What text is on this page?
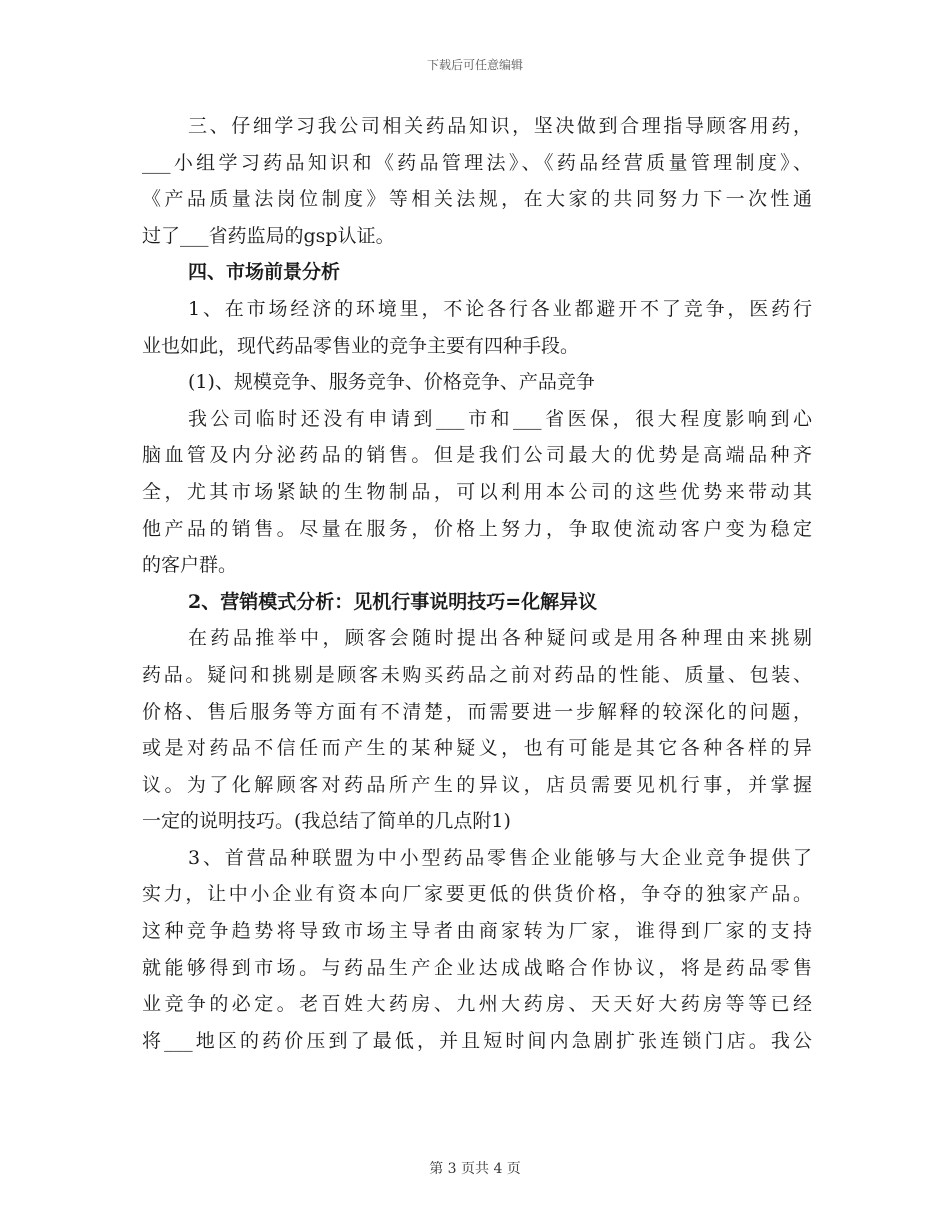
下载后可任意编辑
三、仔细学习我公司相关药品知识，坚决做到合理指导顾客用药，
___小组学习药品知识和《药品管理法》、《药品经营质量管理制度》、
《产品质量法岗位制度》等相关法规，在大家的共同努力下一次性通
过了___省药监局的gsp认证。
四、市场前景分析
1、在市场经济的环境里，不论各行各业都避开不了竞争，医药行
业也如此，现代药品零售业的竞争主要有四种手段。
(1)、规模竞争、服务竞争、价格竞争、产品竞争
我公司临时还没有申请到___市和___省医保，很大程度影响到心
脑血管及内分泌药品的销售。但是我们公司最大的优势是高端品种齐
全，尤其市场紧缺的生物制品，可以利用本公司的这些优势来带动其
他产品的销售。尽量在服务，价格上努力，争取使流动客户变为稳定
的客户群。
2、营销模式分析：见机行事说明技巧=化解异议
在药品推举中，顾客会随时提出各种疑问或是用各种理由来挑剔
药品。疑问和挑剔是顾客未购买药品之前对药品的性能、质量、包装、
价格、售后服务等方面有不清楚，而需要进一步解释的较深化的问题，
或是对药品不信任而产生的某种疑义，也有可能是其它各种各样的异
议。为了化解顾客对药品所产生的异议，店员需要见机行事，并掌握
一定的说明技巧。(我总结了简单的几点附1)
3、首营品种联盟为中小型药品零售企业能够与大企业竞争提供了
实力，让中小企业有资本向厂家要更低的供货价格，争夺的独家产品。
这种竞争趋势将导致市场主导者由商家转为厂家，谁得到厂家的支持
就能够得到市场。与药品生产企业达成战略合作协议，将是药品零售
业竞争的必定。老百姓大药房、九州大药房、天天好大药房等等已经
将___地区的药价压到了最低，并且短时间内急剧扩张连锁门店。我公
第 3 页共 4 页
